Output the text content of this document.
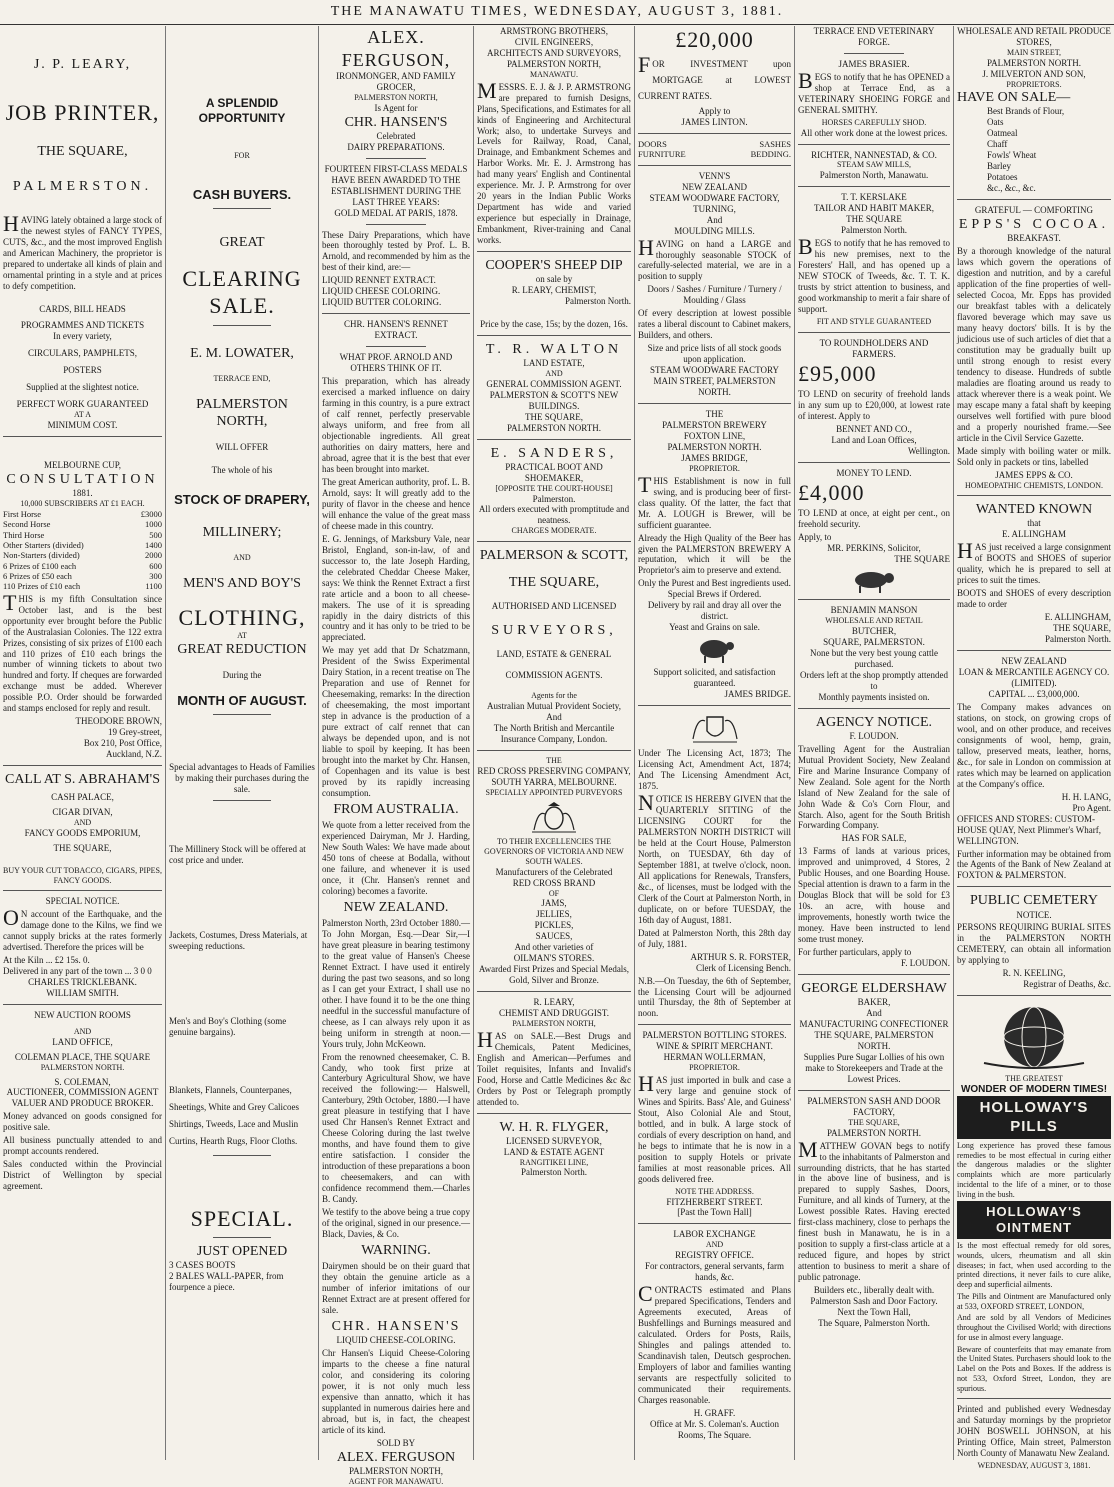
THE MANAWATU TIMES, WEDNESDAY, AUGUST 3, 1881.
J. P. LEARY,
JOB PRINTER,
THE SQUARE,
PALMERSTON.

HAVING lately obtained a large stock of the newest styles of FANCY TYPES, CUTS, &c., and the most improved English and American Machinery, the proprietor is prepared to undertake all kinds of plain and ornamental printing in a style and at prices to defy competition.

CARDS, BILL HEADS
PROGRAMMES AND TICKETS
In every variety,
CIRCULARS, PAMPHLETS,
POSTERS
Supplied at the slightest notice.
PERFECT WORK GUARANTEED
AT A
MINIMUM COST.
MELBOURNE CUP,
CONSULTATION
1881.
10,000 SUBSCRIBERS AT £1 EACH.
First Horse	£3000
Second Horse	1000
Third Horse	500
Other Starters (divided)	1400
Non-Starters (divided)	2000
6 Prizes of £100 each	600
6 Prizes of £50 each	300
110 Prizes of £10 each	1100

THIS is my fifth Consultation since October last, and is the best opportunity ever brought before the Public of the Australasian Colonies. The 122 extra Prizes, consisting of six prizes of £100 each and 110 prizes of £10 each brings the number of winning tickets to about two hundred and forty. If cheques are forwarded exchange must be added. Wherever possible P.O. Order should be forwarded and stamps enclosed for reply and result.

THEODORE BROWN,
19 Grey-street,
Box 210, Post Office,
Auckland, N.Z.
CALL AT S. ABRAHAM'S
CASH PALACE,
CIGAR DIVAN,
AND
FANCY GOODS EMPORIUM,
THE SQUARE,
BUY YOUR CUT TOBACCO, CIGARS, PIPES,
FANCY GOODS.
SPECIAL NOTICE.

ON account of the Earthquake, and the damage done to the Kilns, we find we cannot supply bricks at the rates formerly advertised. Therefore the prices will be

At the Kiln ... £2 15s. 0.
Delivered in any part of the town ... 3 0 0
CHARLES TRICKLEBANK.
WILLIAM SMITH.
NEW AUCTION ROOMS
AND
LAND OFFICE,
COLEMAN PLACE, THE SQUARE
PALMERSTON NORTH.
S. COLEMAN,
AUCTIONEER, COMMISSION AGENT VALUER AND PRODUCE BROKER.

Money advanced on goods consigned for positive sale.

All business punctually attended to and prompt accounts rendered.

Sales conducted within the Provincial District of Wellington by special agreement.

A SPLENDID OPPORTUNITY
FOR
CASH BUYERS.
GREAT
CLEARING SALE.
E. M. LOWATER,
TERRACE END,
PALMERSTON NORTH,
WILL OFFER
The whole of his
STOCK OF DRAPERY,
MILLINERY;
AND
MEN'S AND BOY'S
CLOTHING,
AT
GREAT REDUCTION
During the
MONTH OF AUGUST.

Special advantages to Heads of Families by making their purchases during the sale.

The Millinery Stock will be offered at cost price and under.

Jackets, Costumes, Dress Materials, at sweeping reductions.

Men's and Boy's Clothing (some genuine bargains).

Blankets, Flannels, Counterpanes, Sheetings, White and Grey Calicoes Shirtings, Tweeds, Lace and Muslin Curtins, Hearth Rugs, Floor Cloths.

SPECIAL.
JUST OPENED
3 CASES BOOTS
2 BALES WALL-PAPER, from fourpence a piece.
ALEX. FERGUSON,
IRONMONGER, AND FAMILY GROCER,
PALMERSTON NORTH,
Is Agent for
CHR. HANSEN'S
Celebrated
DAIRY PREPARATIONS.
FOURTEEN FIRST-CLASS MEDALS HAVE BEEN AWARDED TO THE ESTABLISHMENT DURING THE LAST THREE YEARS:
GOLD MEDAL AT PARIS, 1878.

These Dairy Preparations, which have been thoroughly tested by Prof. L. B. Arnold, and recommended by him as the best of their kind, are:—

LIQUID RENNET EXTRACT.
LIQUID CHEESE COLORING.
LIQUID BUTTER COLORING.
CHR. HANSEN'S RENNET EXTRACT.
WHAT PROF. ARNOLD AND OTHERS THINK OF IT.

This preparation, which has already exercised a marked influence on dairy farming in this country, is a pure extract of calf rennet, perfectly preservable always uniform, and free from all objectionable ingredients. All great authorities on dairy matters, here and abroad, agree that it is the best that ever has been brought into market.

The great American authority, prof. L. B. Arnold, says: It will greatly add to the purity of flavor in the cheese and hence will enhance the value of the great mass of cheese made in this country.

E. G. Jennings, of Marksbury Vale, near Bristol, England, son-in-law, of and successor to, the late Joseph Harding, the celebrated Cheddar Cheese Maker, says: We think the Rennet Extract a first rate article and a boon to all cheese-makers. The use of it is spreading rapidly in the dairy districts of this country and it has only to be tried to be appreciated.

We may yet add that Dr Schatzmann, President of the Swiss Experimental Dairy Station, in a recent treatise on The Preparation and use of Rennet for Cheesemaking, remarks: In the direction of cheesemaking, the most important step in advance is the production of a pure extract of calf rennet that can always be depended upon, and is not liable to spoil by keeping. It has been brought into the market by Chr. Hansen, of Copenhagen and its value is best proved by its rapidly increasing consumption.

FROM AUSTRALIA.

We quote from a letter received from the experienced Dairyman, Mr J. Harding, New South Wales: We have made about 450 tons of cheese at Bodalla, without one failure, and whenever it is used once, it (Chr. Hansen's rennet and coloring) becomes a favorite.

NEW ZEALAND.

Palmerston North, 23rd October 1880.—To John Morgan, Esq.—Dear Sir,—I have great pleasure in bearing testimony to the great value of Hansen's Cheese Rennet Extract. I have used it entirely during the past two seasons, and so long as I can get your Extract, I shall use no other. I have found it to be the one thing needful in the successful manufacture of cheese, as I can always rely upon it as being uniform in strength at noon.—Yours truly, John McKeown.

From the renowned cheesemaker, C. B. Candy, who took first prize at Canterbury Agricultural Show, we have received the following:— Halswell, Canterbury, 29th October, 1880.—I have great pleasure in testifying that I have used Chr Hansen's Rennet Extract and Cheese Coloring during the last twelve months, and have found them to give entire satisfaction. I consider the introduction of these preparations a boon to cheesemakers, and can with confidence recommend them.—Charles B. Candy.

We testify to the above being a true copy of the original, signed in our presence.—Black, Davies, & Co.

WARNING.

Dairymen should be on their guard that they obtain the genuine article as a number of inferior imitations of our Rennet Extract are at present offered for sale.

CHR. HANSEN'S
LIQUID CHEESE-COLORING.

Chr Hansen's Liquid Cheese-Coloring imparts to the cheese a fine natural color, and considering its coloring power, it is not only much less expensive than annatto, which it has supplanted in numerous dairies here and abroad, but is, in fact, the cheapest article of its kind.

SOLD BY
ALEX. FERGUSON
PALMERSTON NORTH,
AGENT FOR MANAWATU.
ARMSTRONG BROTHERS,
CIVIL ENGINEERS,
ARCHITECTS AND SURVEYORS,
PALMERSTON NORTH,
MANAWATU.

MESSRS. E. J. & J. P. ARMSTRONG are prepared to furnish Designs, Plans, Specifications, and Estimates for all kinds of Engineering and Architectural Work; also, to undertake Surveys and Levels for Railway, Road, Canal, Drainage, and Embankment Schemes and Harbor Works. Mr. E. J. Armstrong has had many years' English and Continental experience. Mr. J. P. Armstrong for over 20 years in the Indian Public Works Department has wide and varied experience but especially in Drainage, Embankment, River-training and Canal works.

COOPER'S SHEEP DIP
on sale by
R. LEARY, CHEMIST,
Palmerston North.
Price by the case, 15s; by the dozen, 16s.
T. R. WALTON
LAND ESTATE,
AND
GENERAL COMMISSION AGENT.
PALMERSTON & SCOTT'S NEW BUILDINGS.
THE SQUARE,
PALMERSTON NORTH.
E. SANDERS,
PRACTICAL BOOT AND SHOEMAKER,
[OPPOSITE THE COURT-HOUSE]
Palmerston.
All orders executed with promptitude and neatness.
CHARGES MODERATE.
PALMERSON & SCOTT,
THE SQUARE,
AUTHORISED AND LICENSED
SURVEYORS,
LAND, ESTATE & GENERAL
COMMISSION AGENTS.
Agents for the
Australian Mutual Provident Society,
And
The North British and Mercantile Insurance Company, London.
THE
RED CROSS PRESERVING COMPANY,
SOUTH YARRA, MELBOURNE.
SPECIALLY APPOINTED PURVEYORS
TO THEIR EXCELLENCIES THE GOVERNORS OF VICTORIA AND NEW SOUTH WALES.
Manufacturers of the Celebrated
RED CROSS BRAND
OF
JAMS,
JELLIES,
PICKLES,
SAUCES,
And other varieties of
OILMAN'S STORES.
Awarded First Prizes and Special Medals, Gold, Silver and Bronze.
R. LEARY,
CHEMIST AND DRUGGIST.
PALMERSTON NORTH,

HAS on SALE.—Best Drugs and Chemicals, Patent Medicines, English and American—Perfumes and Toilet requisites, Infants and Invalid's Food, Horse and Cattle Medicines &c &c Orders by Post or Telegraph promptly attended to.

W. H. R. FLYGER,
LICENSED SURVEYOR,
LAND & ESTATE AGENT
RANGITIKEI LINE,
Palmerston North.
£20,000

FOR INVESTMENT upon MORTGAGE at LOWEST CURRENT RATES.

Apply to
JAMES LINTON.
DOORS	SASHES
FURNITURE	BEDDING.
VENN'S
NEW ZEALAND
STEAM WOODWARE FACTORY,
TURNING,
And
MOULDING MILLS.

HAVING on hand a LARGE and thoroughly seasonable STOCK of carefully-selected material, we are in a position to supply

Doors / Sashes / Furniture / Turnery / Moulding / Glass

Of every description at lowest possible rates a liberal discount to Cabinet makers, Builders, and others.

Size and price lists of all stock goods upon application.
STEAM WOODWARE FACTORY MAIN STREET, PALMERSTON NORTH.
THE
PALMERSTON BREWERY
FOXTON LINE,
PALMERSTON NORTH.
JAMES BRIDGE,
PROPRIETOR.

THIS Establishment is now in full swing, and is producing beer of first-class quality. Of the latter, the fact that Mr. A. LOUGH is Brewer, will be sufficient guarantee.

Already the High Quality of the Beer has given the PALMERSTON BREWERY A reputation, which it will be the Proprietor's aim to preserve and extend.

Only the Purest and Best ingredients used.
Special Brews if Ordered.
Delivery by rail and dray all over the district.
Yeast and Grains on sale.
Support solicited, and satisfaction guaranteed.
JAMES BRIDGE.

Under The Licensing Act, 1873; The Licensing Act, Amendment Act, 1874; And The Licensing Amendment Act, 1875.

NOTICE IS HEREBY GIVEN that the QUARTERLY SITTING of the LICENSING COURT for the PALMERSTON NORTH DISTRICT will be held at the Court House, Palmerston North, on TUESDAY, 6th day of September 1881, at twelve o'clock, noon. All applications for Renewals, Transfers, &c., of licenses, must be lodged with the Clerk of the Court at Palmerston North, in duplicate, on or before TUESDAY, the 16th day of August, 1881.

Dated at Palmerston North, this 28th day of July, 1881.

ARTHUR S. R. FORSTER,
Clerk of Licensing Bench.

N.B.—On Tuesday, the 6th of September, the Licensing Court will be adjourned until Thursday, the 8th of September at noon.

PALMERSTON BOTTLING STORES.
WINE & SPIRIT MERCHANT.
HERMAN WOLLERMAN,
PROPRIETOR.

HAS just imported in bulk and case a very large and genuine stock of Wines and Spirits. Bass' Ale, and Guiness' Stout, Also Colonial Ale and Stout, bottled, and in bulk. A large stock of cordials of every description on hand, and he begs to intimate that he is now in a position to supply Hotels or private families at most reasonable prices. All goods delivered free.

NOTE THE ADDRESS.
FITZHERBERT STREET.
[Past the Town Hall]
LABOR EXCHANGE
AND
REGISTRY OFFICE.
For contractors, general servants, farm hands, &c.

CONTRACTS estimated and Plans prepared Specifications, Tenders and Agreements executed, Areas of Bushfellings and Burnings measured and calculated. Orders for Posts, Rails, Shingles and palings attended to. Scandinavish talen, Deutsch gesprochen. Employers of labor and families wanting servants are respectfully solicited to communicated their requirements. Charges reasonable.

H. GRAFF.
Office at Mr. S. Coleman's. Auction Rooms, The Square.
TERRACE END VETERINARY FORGE.
JAMES BRASIER.

BEGS to notify that he has OPENED a shop at Terrace End, as a VETERINARY SHOEING FORGE and GENERAL SMITHY.

HORSES CAREFULLY SHOD.
All other work done at the lowest prices.
RICHTER, NANNESTAD, & CO.
STEAM SAW MILLS,
Palmerston North, Manawatu.
T. T. KERSLAKE
TAILOR AND HABIT MAKER,
THE SQUARE
Palmerston North.

BEGS to notify that he has removed to his new premises, next to the Foresters' Hall, and has opened up a NEW STOCK of Tweeds, &c. T. T. K. trusts by strict attention to business, and good workmanship to merit a fair share of support.

FIT AND STYLE GUARANTEED
TO ROUNDHOLDERS AND FARMERS.
£95,000

TO LEND on security of freehold lands in any sum up to £20,000, at lowest rate of interest. Apply to

BENNET AND CO.,
Land and Loan Offices,
Wellington.
MONEY TO LEND.
£4,000

TO LEND at once, at eight per cent., on freehold security.

Apply, to
MR. PERKINS, Solicitor,
THE SQUARE
BENJAMIN MANSON
WHOLESALE AND RETAIL
BUTCHER,
SQUARE, PALMERSTON.
None but the very best young cattle purchased.
Orders left at the shop promptly attended to
Monthly payments insisted on.
AGENCY NOTICE.
F. LOUDON.

Travelling Agent for the Australian Mutual Provident Society, New Zealand Fire and Marine Insurance Company of New Zealand. Sole agent for the North Island of New Zealand for the sale of John Wade & Co's Corn Flour, and Starch. Also, agent for the South British Forwarding Company.

HAS FOR SALE,

13 Farms of lands at various prices, improved and unimproved, 4 Stores, 2 Public Houses, and one Boarding House. Special attention is drawn to a farm in the Douglas Block that will be sold for £3 10s. an acre, with house and improvements, honestly worth twice the money. Have been instructed to lend some trust money.

For further particulars, apply to
F. LOUDON.
GEORGE ELDERSHAW
BAKER,
And
MANUFACTURING CONFECTIONER
THE SQUARE, PALMERSTON NORTH.
Supplies Pure Sugar Lollies of his own make to Storekeepers and Trade at the Lowest Prices.
PALMERSTON SASH AND DOOR FACTORY,
THE SQUARE,
PALMERSTON NORTH.

MATTHEW GOVAN begs to notify to the inhabitants of Palmerston and surrounding districts, that he has started in the above line of business, and is prepared to supply Sashes, Doors, Furniture, and all kinds of Turnery, at the Lowest possible Rates. Having erected first-class machinery, close to perhaps the finest bush in Manawatu, he is in a position to supply a first-class article at a reduced figure, and hopes by strict attention to business to merit a share of public patronage.

Builders etc., liberally dealt with.
Palmerston Sash and Door Factory.
Next the Town Hall,
The Square, Palmerston North.
WHOLESALE AND RETAIL PRODUCE STORES,
MAIN STREET,
PALMERSTON NORTH.
J. MILVERTON AND SON,
PROPRIETORS.
HAVE ON SALE—
Best Brands of Flour,
Oats
Oatmeal
Chaff
Fowls' Wheat
Barley
Potatoes
&c., &c., &c.
GRATEFUL — COMFORTING
EPPS'S COCOA.
BREAKFAST.

By a thorough knowledge of the natural laws which govern the operations of digestion and nutrition, and by a careful application of the fine properties of well-selected Cocoa, Mr. Epps has provided our breakfast tables with a delicately flavored beverage which may save us many heavy doctors' bills. It is by the judicious use of such articles of diet that a constitution may be gradually built up until strong enough to resist every tendency to disease. Hundreds of subtle maladies are floating around us ready to attack wherever there is a weak point. We may escape many a fatal shaft by keeping ourselves well fortified with pure blood and a properly nourished frame.—See article in the Civil Service Gazette.

Made simply with boiling water or milk. Sold only in packets or tins, labelled

JAMES EPPS & CO.
HOMEOPATHIC CHEMISTS, LONDON.
WANTED KNOWN
that
E. ALLINGHAM

HAS just received a large consignment of BOOTS and SHOES of superior quality, which he is prepared to sell at prices to suit the times.

BOOTS and SHOES of every description made to order

E. ALLINGHAM,
THE SQUARE,
Palmerston North.
NEW ZEALAND
LOAN & MERCANTILE AGENCY CO. (LIMITED).
CAPITAL ... £3,000,000.

The Company makes advances on stations, on stock, on growing crops of wool, and on other produce, and receives consignments of wool, hemp, grain, tallow, preserved meats, leather, horns, &c., for sale in London on commission at rates which may be learned on application at the Company's office.

H. H. LANG,
Pro Agent.
OFFICES AND STORES: CUSTOM-HOUSE QUAY, Next Plimmer's Wharf, WELLINGTON.

Further information may be obtained from the Agents of the Bank of New Zealand at FOXTON & PALMERSTON.

PUBLIC CEMETERY
NOTICE.

PERSONS REQUIRING BURIAL SITES in the PALMERSTON NORTH CEMETERY, can obtain all information by applying to

R. N. KEELING,
Registrar of Deaths, &c.
THE GREATEST
WONDER OF MODERN TIMES!
HOLLOWAY'S PILLS

Long experience has proved these famous remedies to be most effectual in curing either the dangerous maladies or the slighter complaints which are more particularly incidental to the life of a miner, or to those living in the bush.

HOLLOWAY'S OINTMENT

Is the most effectual remedy for old sores, wounds, ulcers, rheumatism and all skin diseases; in fact, when used according to the printed directions, it never fails to cure alike, deep and superficial ailments.

The Pills and Ointment are Manufactured only at 533, OXFORD STREET, LONDON,

And are sold by all Vendors of Medicines throughout the Civilised World; with directions for use in almost every language.

Beware of counterfeits that may emanate from the United States. Purchasers should look to the Label on the Pots and Boxes. If the address is not 533, Oxford Street, London, they are spurious.

Printed and published every Wednesday and Saturday mornings by the proprietor JOHN BOSWELL JOHNSON, at his Printing Office, Main street, Palmerston North County of Manawatu New Zealand.

WEDNESDAY, AUGUST 3, 1881.
